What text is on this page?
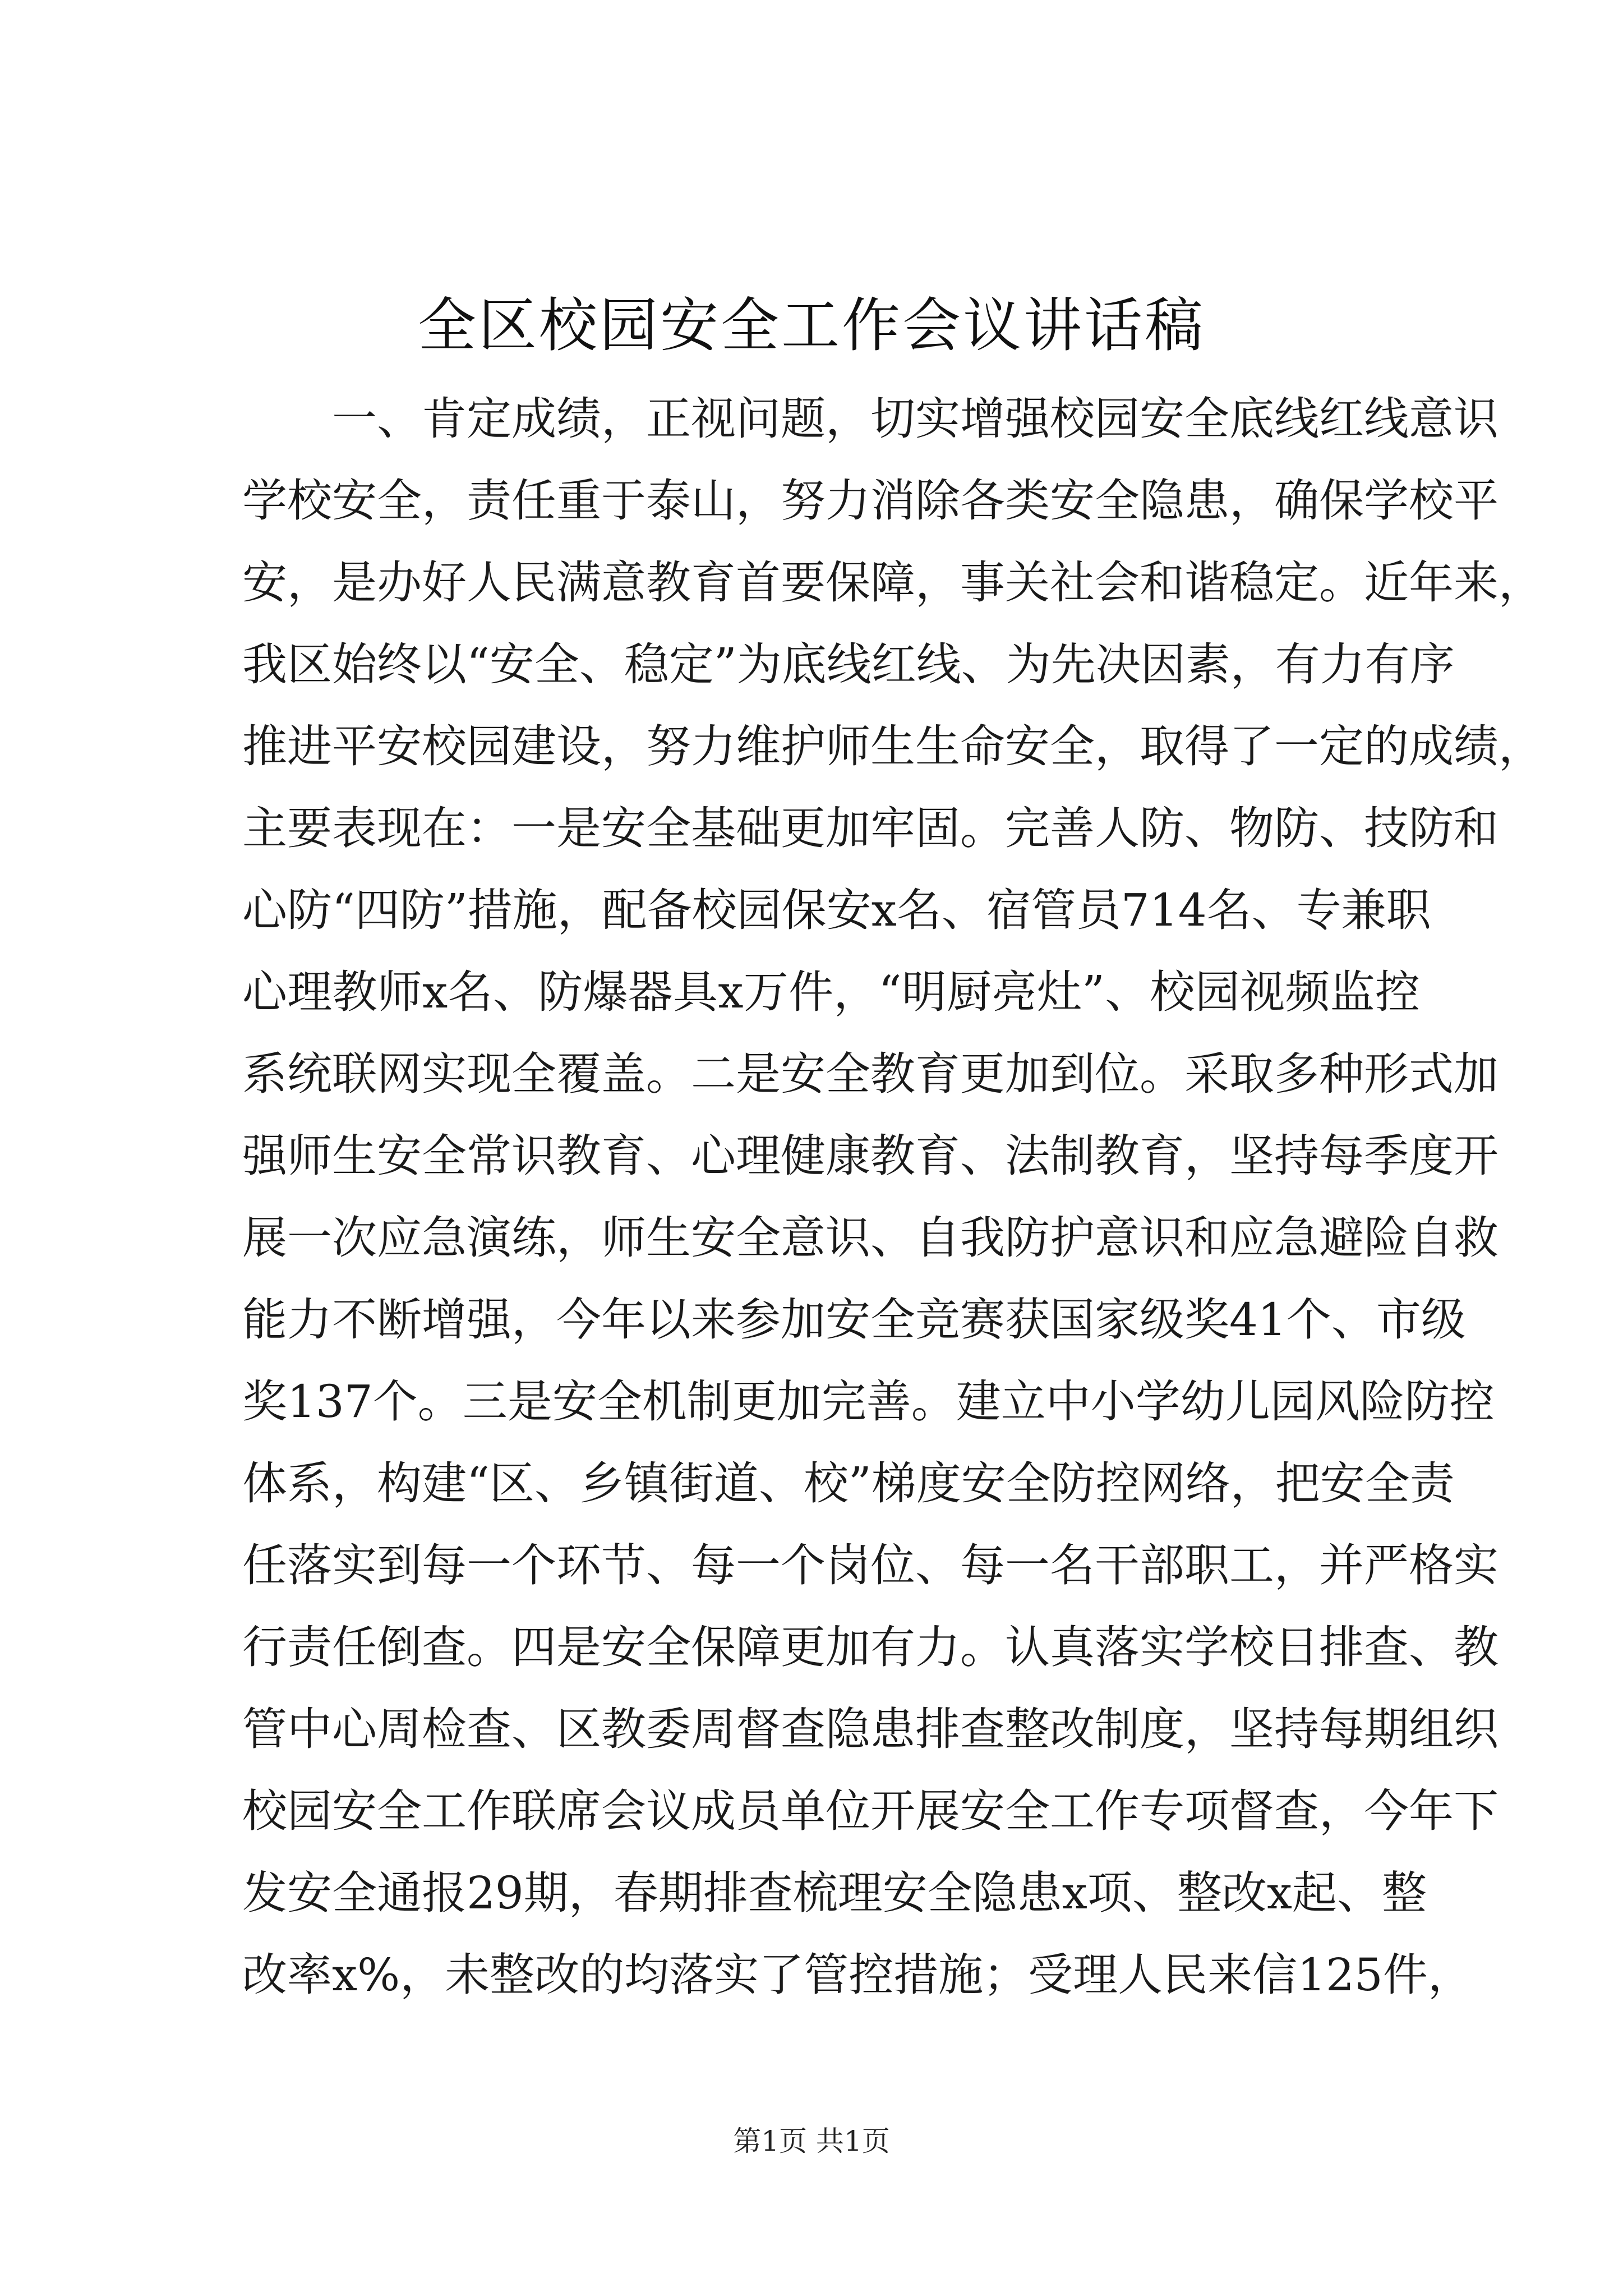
全区校园安全工作会议讲话稿
一、肯定成绩，正视问题，切实增强校园安全底线红线意识
学校安全，责任重于泰山，努力消除各类安全隐患，确保学校平
安，是办好人民满意教育首要保障，事关社会和谐稳定。近年来，
我区始终以“安全、稳定”为底线红线、为先决因素，有力有序
推进平安校园建设，努力维护师生生命安全，取得了一定的成绩，
主要表现在：一是安全基础更加牢固。完善人防、物防、技防和
心防“四防”措施，配备校园保安x名、宿管员714名、专兼职
心理教师x名、防爆器具x万件，“明厨亮灶”、校园视频监控
系统联网实现全覆盖。二是安全教育更加到位。采取多种形式加
强师生安全常识教育、心理健康教育、法制教育，坚持每季度开
展一次应急演练，师生安全意识、自我防护意识和应急避险自救
能力不断增强，今年以来参加安全竞赛获国家级奖41个、市级
奖137个。三是安全机制更加完善。建立中小学幼儿园风险防控
体系，构建“区、乡镇街道、校”梯度安全防控网络，把安全责
任落实到每一个环节、每一个岗位、每一名干部职工，并严格实
行责任倒查。四是安全保障更加有力。认真落实学校日排查、教
管中心周检查、区教委周督查隐患排查整改制度，坚持每期组织
校园安全工作联席会议成员单位开展安全工作专项督查，今年下
发安全通报29期，春期排查梳理安全隐患x项、整改x起、整
改率x%，未整改的均落实了管控措施；受理人民来信125件，
第1页 共1页
